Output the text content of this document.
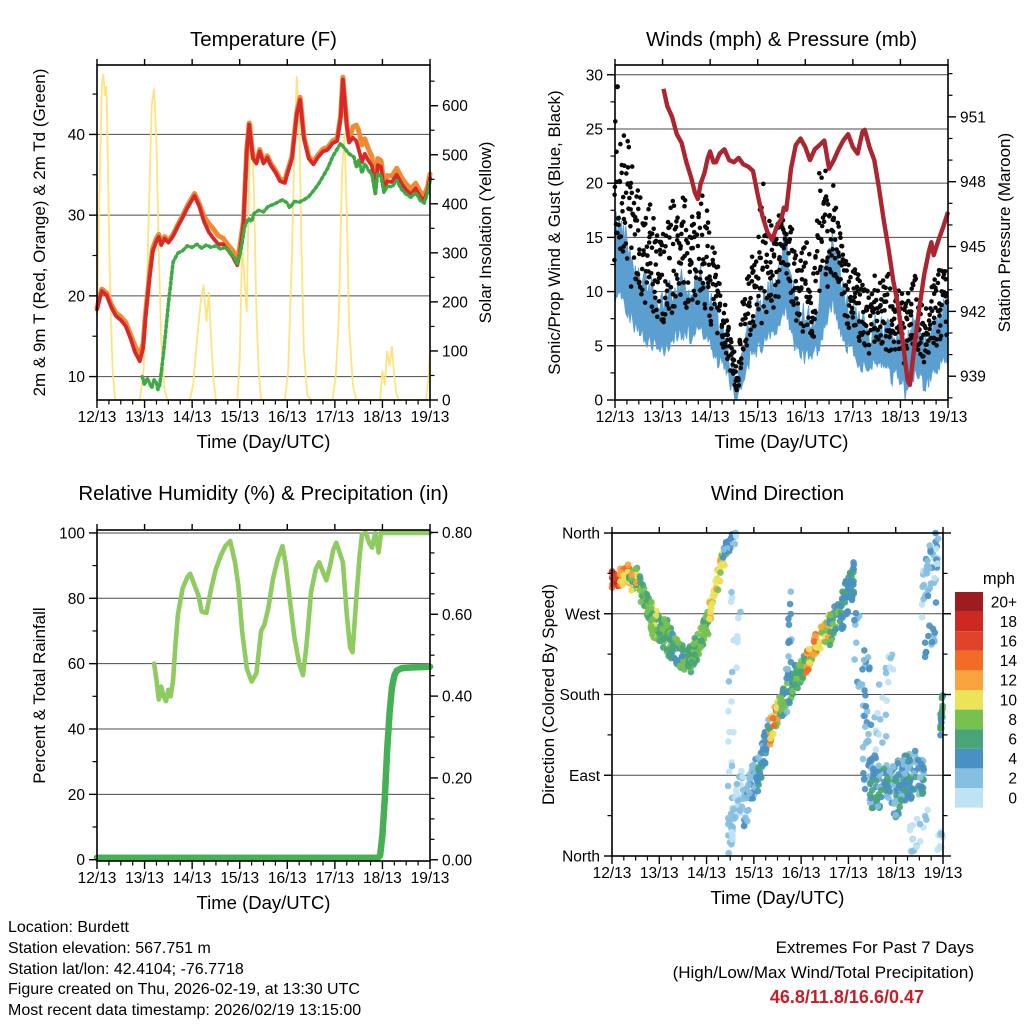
12/13 13/13 14/13 15/13 16/13 17/13 18/13 19/13
10
20
30
40
0
100
200
300
400
500
600
Temperature (F)
Time (Day/UTC)
2m & 9m T (Red, Orange) & 2m Td (Green)	Solar Insolation (Yellow)
12/13 13/13 14/13 15/13 16/13 17/13 18/13 19/13
0
5
10
15
20
25
30
939
942
945
948
951
Winds (mph) & Pressure (mb)
Time (Day/UTC)
Sonic/Prop Wind & Gust (Blue, Black)	Station Pressure (Maroon)
12/13 13/13 14/13 15/13 16/13 17/13 18/13 19/13
0
20
40
60
80
100
0.00
0.20
0.40
0.60
0.80
Relative Humidity (%) & Precipitation (in)
Time (Day/UTC)
Percent & Total Rainfall
12/13 13/13 14/13 15/13 16/13 17/13 18/13 19/13
North
West
South
East
North
Wind Direction
Time (Day/UTC)
Direction (Colored By Speed)
mph
20+
18
16
14
12
10
8
6
4
2
0
Location: Burdett
Station elevation: 567.751 m
Station lat/lon: 42.4104; -76.7718
Figure created on Thu, 2026-02-19, at 13:30 UTC
Most recent data timestamp: 2026/02/19 13:15:00
Extremes For Past 7 Days
(High/Low/Max Wind/Total Precipitation)
46.8/11.8/16.6/0.47
